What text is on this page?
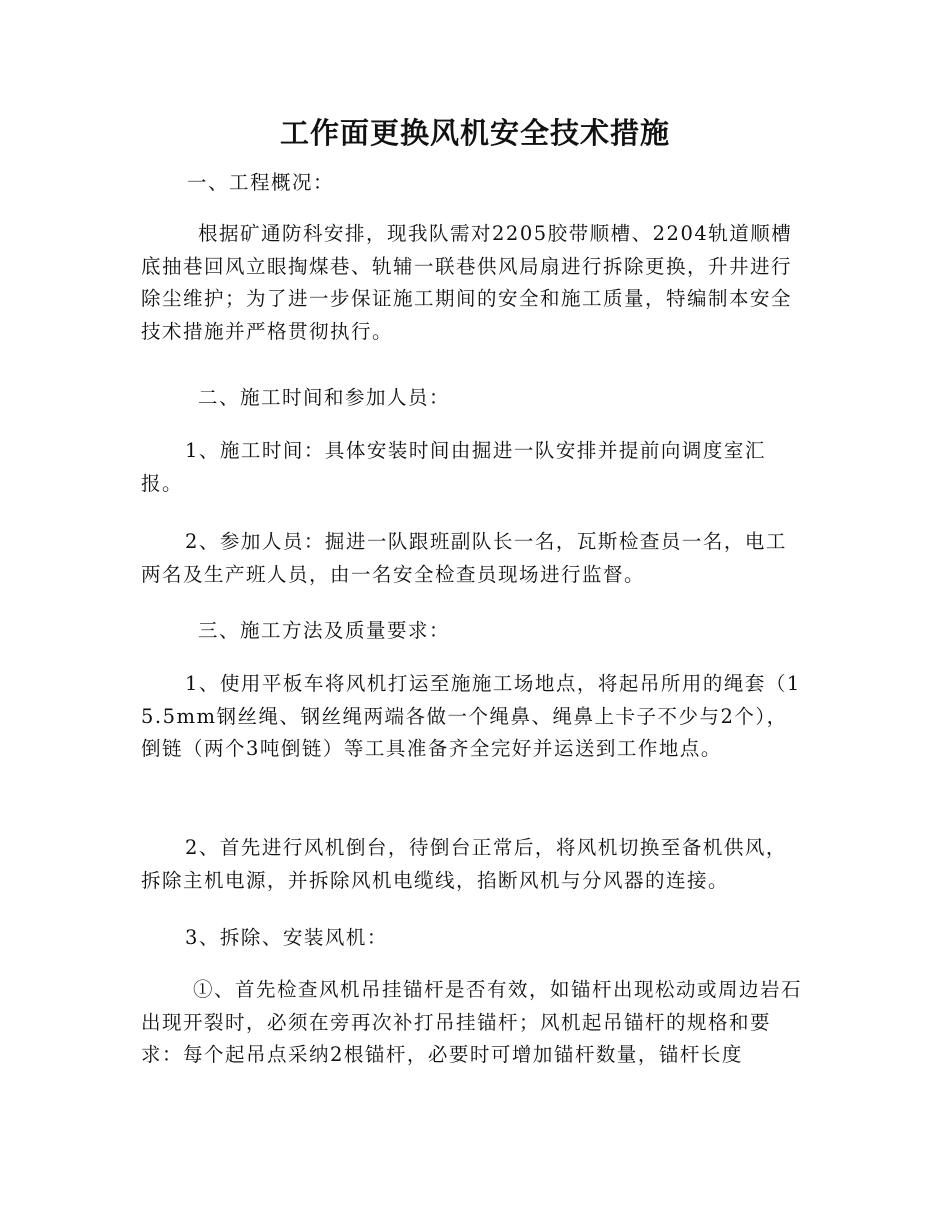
工作面更换风机安全技术措施
一、工程概况：
根据矿通防科安排，现我队需对2205胶带顺槽、2204轨道顺槽底抽巷回风立眼掏煤巷、轨辅一联巷供风局扇进行拆除更换，升井进行除尘维护；为了进一步保证施工期间的安全和施工质量，特编制本安全技术措施并严格贯彻执行。
二、施工时间和参加人员：
1、施工时间：具体安装时间由掘进一队安排并提前向调度室汇报。
2、参加人员：掘进一队跟班副队长一名，瓦斯检查员一名，电工两名及生产班人员，由一名安全检查员现场进行监督。
三、施工方法及质量要求：
1、使用平板车将风机打运至施施工场地点，将起吊所用的绳套（15.5mm钢丝绳、钢丝绳两端各做一个绳鼻、绳鼻上卡子不少与2个），倒链（两个3吨倒链）等工具准备齐全完好并运送到工作地点。
2、首先进行风机倒台，待倒台正常后，将风机切换至备机供风，拆除主机电源，并拆除风机电缆线，掐断风机与分风器的连接。
3、拆除、安装风机：
①、首先检查风机吊挂锚杆是否有效，如锚杆出现松动或周边岩石出现开裂时，必须在旁再次补打吊挂锚杆；风机起吊锚杆的规格和要求：每个起吊点采纳2根锚杆，必要时可增加锚杆数量，锚杆长度
